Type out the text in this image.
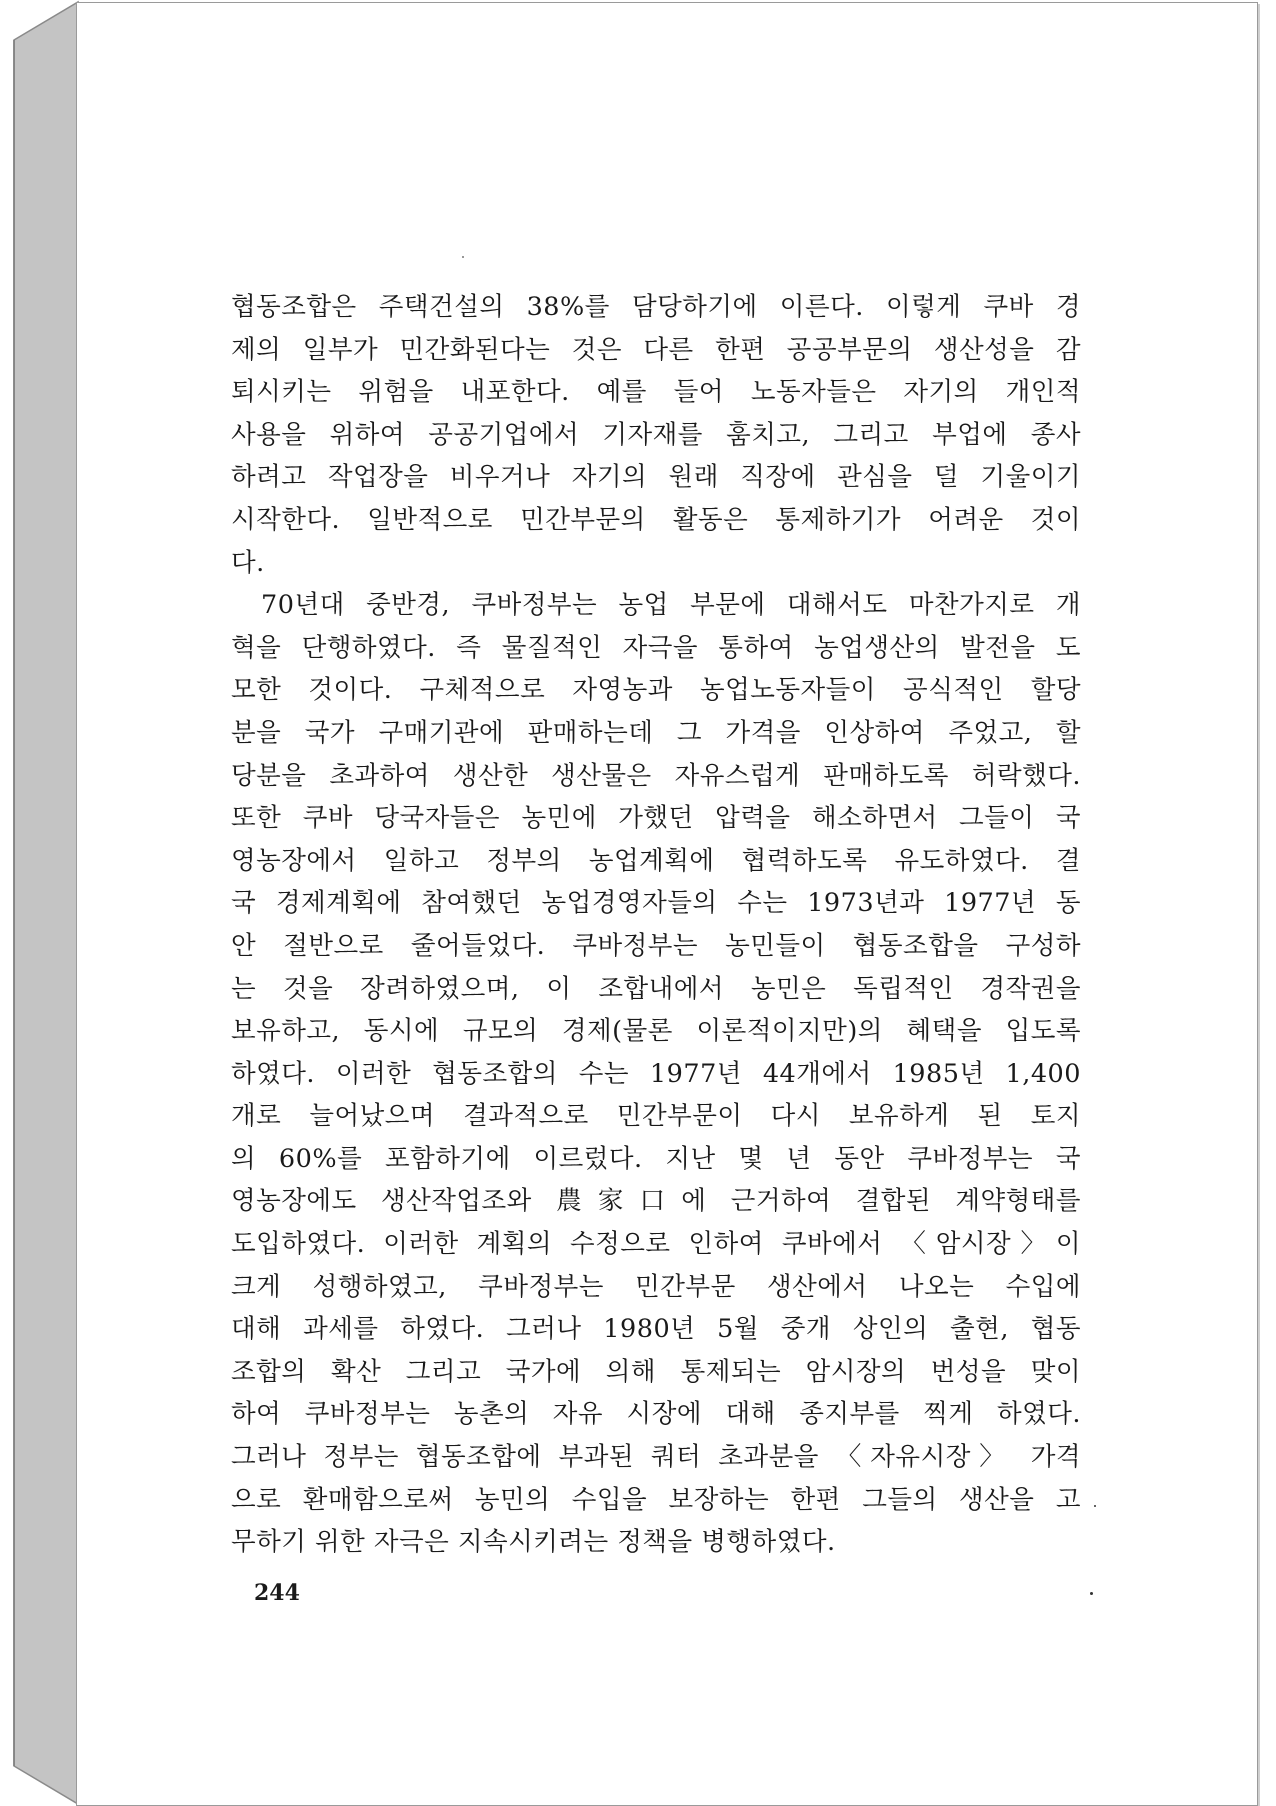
협동조합은 주택건설의 38%를 담당하기에 이른다. 이렇게 쿠바 경
제의 일부가 민간화된다는 것은 다른 한편 공공부문의 생산성을 감
퇴시키는 위험을 내포한다. 예를 들어 노동자들은 자기의 개인적
사용을 위하여 공공기업에서 기자재를 훔치고, 그리고 부업에 종사
하려고 작업장을 비우거나 자기의 원래 직장에 관심을 덜 기울이기
시작한다. 일반적으로 민간부문의 활동은 통제하기가 어려운 것이
다.
70년대 중반경, 쿠바정부는 농업 부문에 대해서도 마찬가지로 개
혁을 단행하였다. 즉 물질적인 자극을 통하여 농업생산의 발전을 도
모한 것이다. 구체적으로 자영농과 농업노동자들이 공식적인 할당
분을 국가 구매기관에 판매하는데 그 가격을 인상하여 주었고, 할
당분을 초과하여 생산한 생산물은 자유스럽게 판매하도록 허락했다.
또한 쿠바 당국자들은 농민에 가했던 압력을 해소하면서 그들이 국
영농장에서 일하고 정부의 농업계획에 협력하도록 유도하였다. 결
국 경제계획에 참여했던 농업경영자들의 수는 1973년과 1977년 동
안 절반으로 줄어들었다. 쿠바정부는 농민들이 협동조합을 구성하
는 것을 장려하였으며, 이 조합내에서 농민은 독립적인 경작권을
보유하고, 동시에 규모의 경제(물론 이론적이지만)의 혜택을 입도록
하였다. 이러한 협동조합의 수는 1977년 44개에서 1985년 1,400
개로 늘어났으며 결과적으로 민간부문이 다시 보유하게 된 토지
의 60%를 포함하기에 이르렀다. 지난 몇 년 동안 쿠바정부는 국
영농장에도 생산작업조와 農家口에 근거하여 결합된 계약형태를
도입하였다. 이러한 계획의 수정으로 인하여 쿠바에서 〈암시장〉이
크게 성행하였고, 쿠바정부는 민간부문 생산에서 나오는 수입에
대해 과세를 하였다. 그러나 1980년 5월 중개 상인의 출현, 협동
조합의 확산 그리고 국가에 의해 통제되는 암시장의 번성을 맞이
하여 쿠바정부는 농촌의 자유 시장에 대해 종지부를 찍게 하였다.
그러나 정부는 협동조합에 부과된 쿼터 초과분을 〈자유시장〉 가격
으로 환매함으로써 농민의 수입을 보장하는 한편 그들의 생산을 고
무하기 위한 자극은 지속시키려는 정책을 병행하였다.
244
